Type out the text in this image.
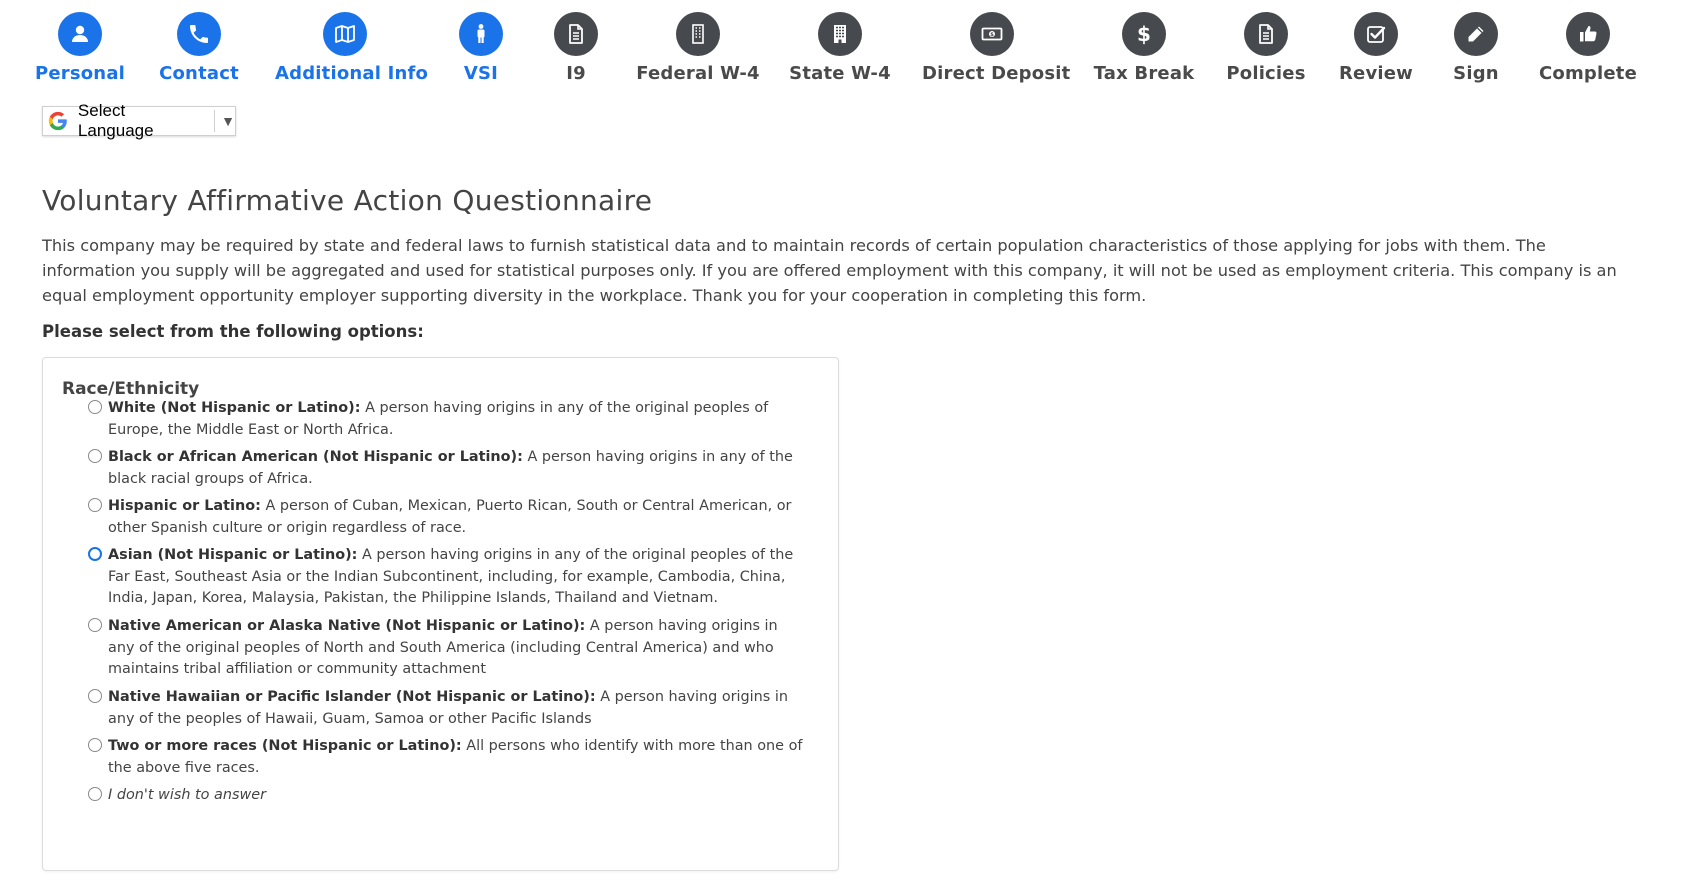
Personal	Contact	Additional Info	VSI	I9	Federal W-4	State W-4
$
Direct Deposit
$
Tax Break	Policies	Review	Sign	Complete
Select Language	▼
Voluntary Affirmative Action Questionnaire

This company may be required by state and federal laws to furnish statistical data and to maintain records of certain population characteristics of those applying for jobs with them. The information you supply will be aggregated and used for statistical purposes only. If you are offered employment with this company, it will not be used as employment criteria. This company is an equal employment opportunity employer supporting diversity in the workplace. Thank you for your cooperation in completing this form.

Please select from the following options:

Race/Ethnicity
White (Not Hispanic or Latino): A person having origins in any of the original peoples of Europe, the Middle East or North Africa.
Black or African American (Not Hispanic or Latino): A person having origins in any of the black racial groups of Africa.
Hispanic or Latino: A person of Cuban, Mexican, Puerto Rican, South or Central American, or other Spanish culture or origin regardless of race.
Asian (Not Hispanic or Latino): A person having origins in any of the original peoples of the Far East, Southeast Asia or the Indian Subcontinent, including, for example, Cambodia, China, India, Japan, Korea, Malaysia, Pakistan, the Philippine Islands, Thailand and Vietnam.
Native American or Alaska Native (Not Hispanic or Latino): A person having origins in any of the original peoples of North and South America (including Central America) and who maintains tribal affiliation or community attachment
Native Hawaiian or Pacific Islander (Not Hispanic or Latino): A person having origins in any of the peoples of Hawaii, Guam, Samoa or other Pacific Islands
Two or more races (Not Hispanic or Latino): All persons who identify with more than one of the above five races.
I don't wish to answer
